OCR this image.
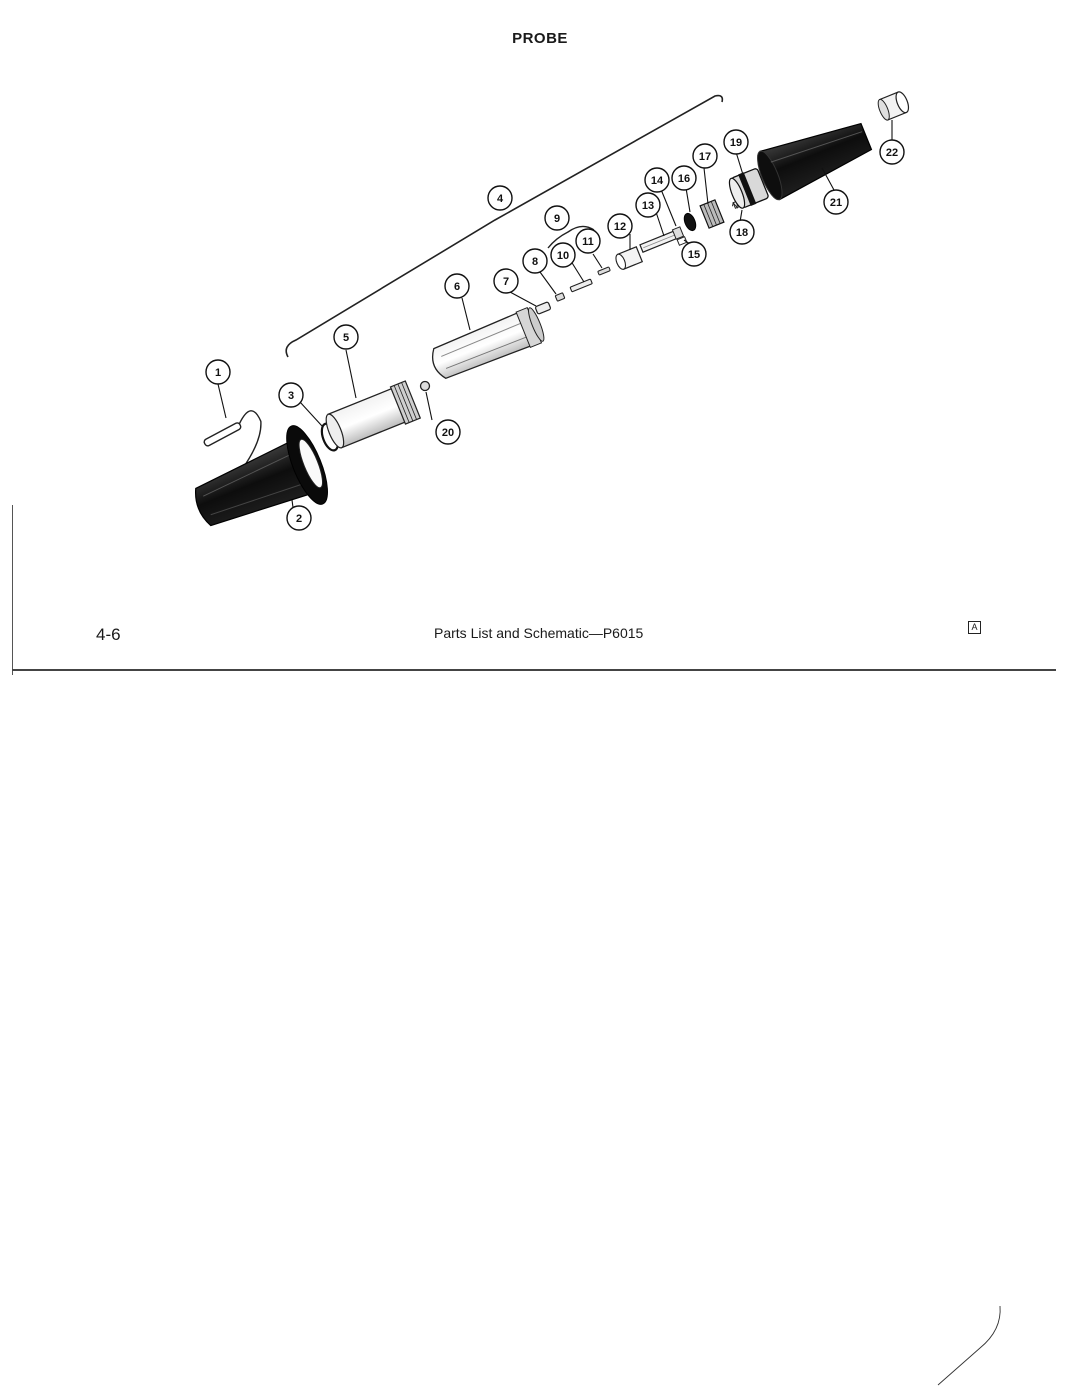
PROBE
1
2
3
4
5
6	7
8
9
10
11
12
13
14
15
16
17
18
19
20
21
22
4-6	Parts List and Schematic—P6015	A
